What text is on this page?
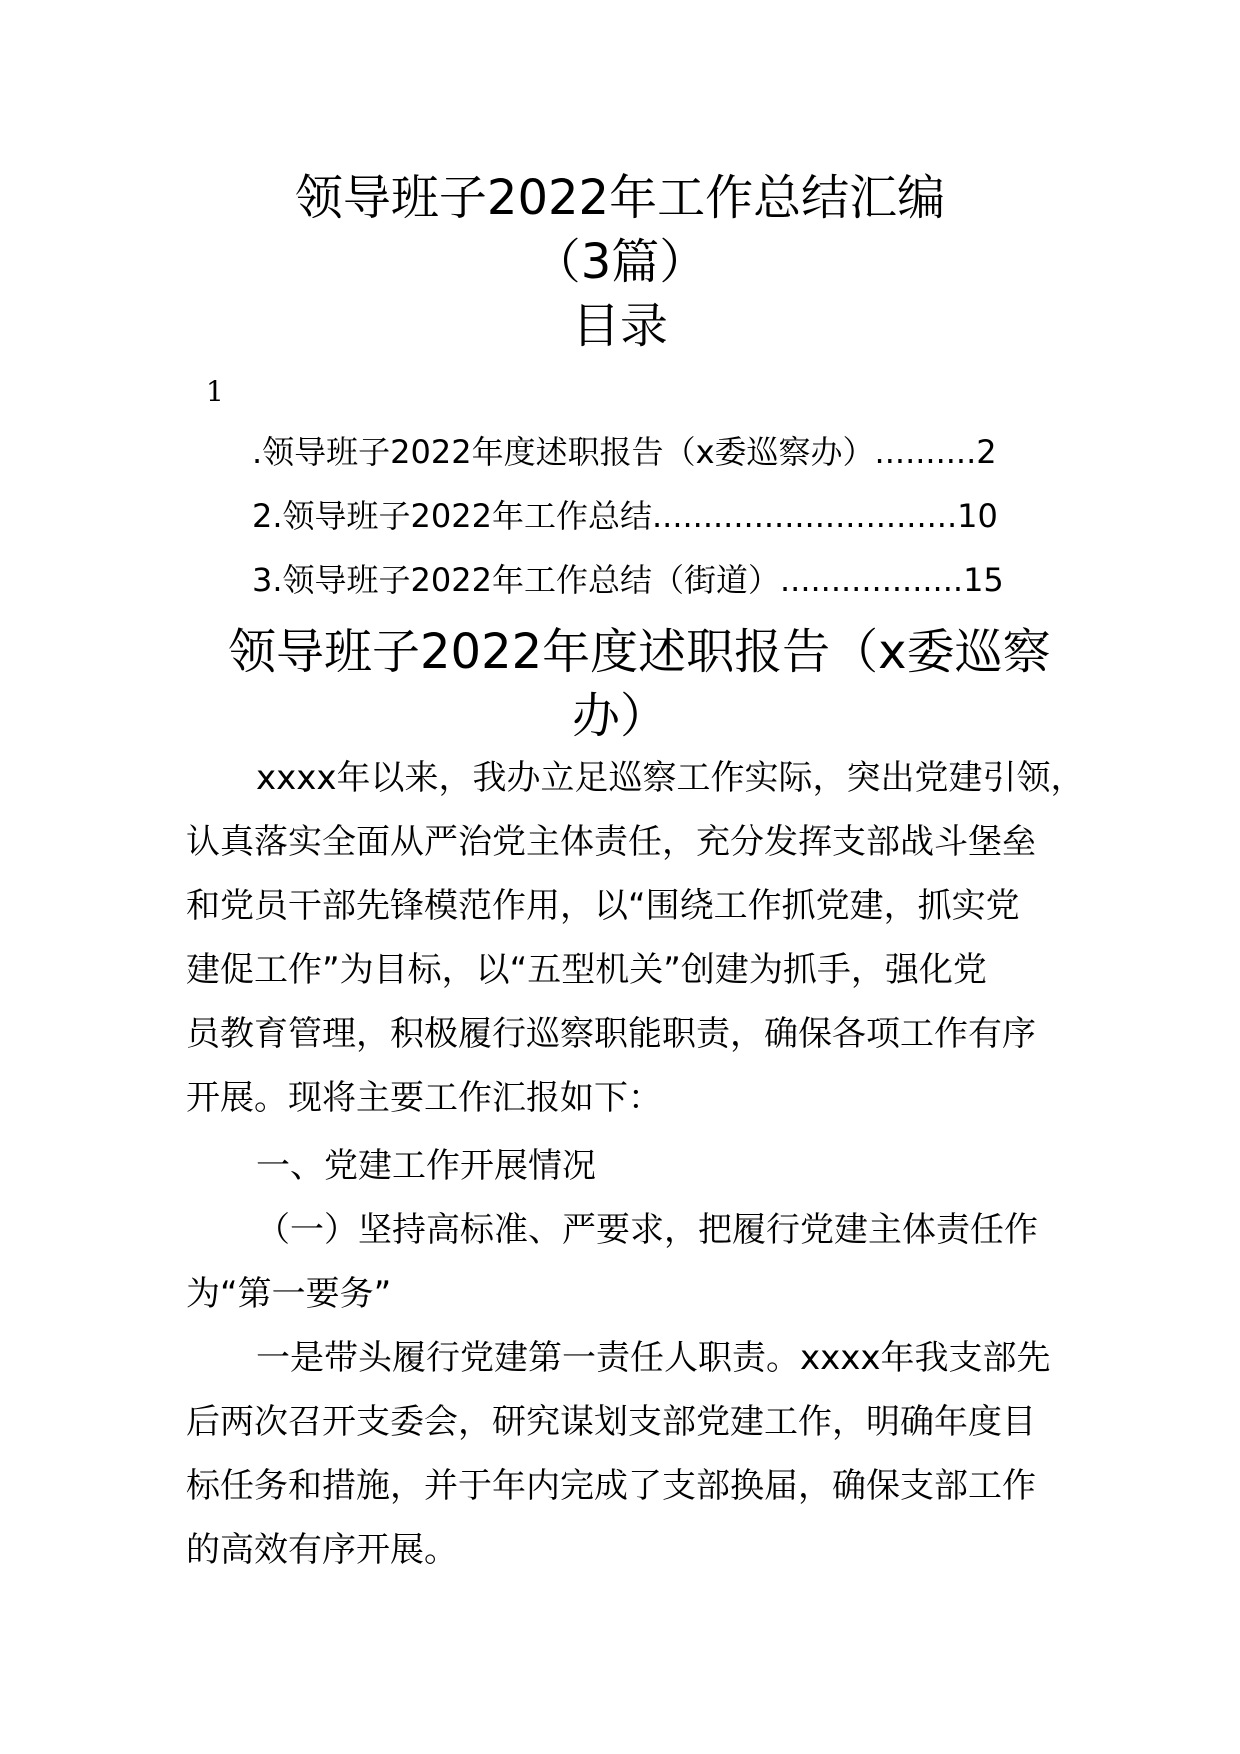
领导班子2022年工作总结汇编
（3篇）
目录
1
.领导班子2022年度述职报告（x委巡察办）..........2
2.领导班子2022年工作总结..............................10
3.领导班子2022年工作总结（街道）..................15
领导班子2022年度述职报告（x委巡察
办）
xxxx年以来，我办立足巡察工作实际，突出党建引领，
认真落实全面从严治党主体责任，充分发挥支部战斗堡垒
和党员干部先锋模范作用，以“围绕工作抓党建，抓实党
建促工作”为目标，以“五型机关”创建为抓手，强化党
员教育管理，积极履行巡察职能职责，确保各项工作有序
开展。现将主要工作汇报如下：
一、党建工作开展情况
（一）坚持高标准、严要求，把履行党建主体责任作
为“第一要务”
一是带头履行党建第一责任人职责。xxxx年我支部先
后两次召开支委会，研究谋划支部党建工作，明确年度目
标任务和措施，并于年内完成了支部换届，确保支部工作
的高效有序开展。
